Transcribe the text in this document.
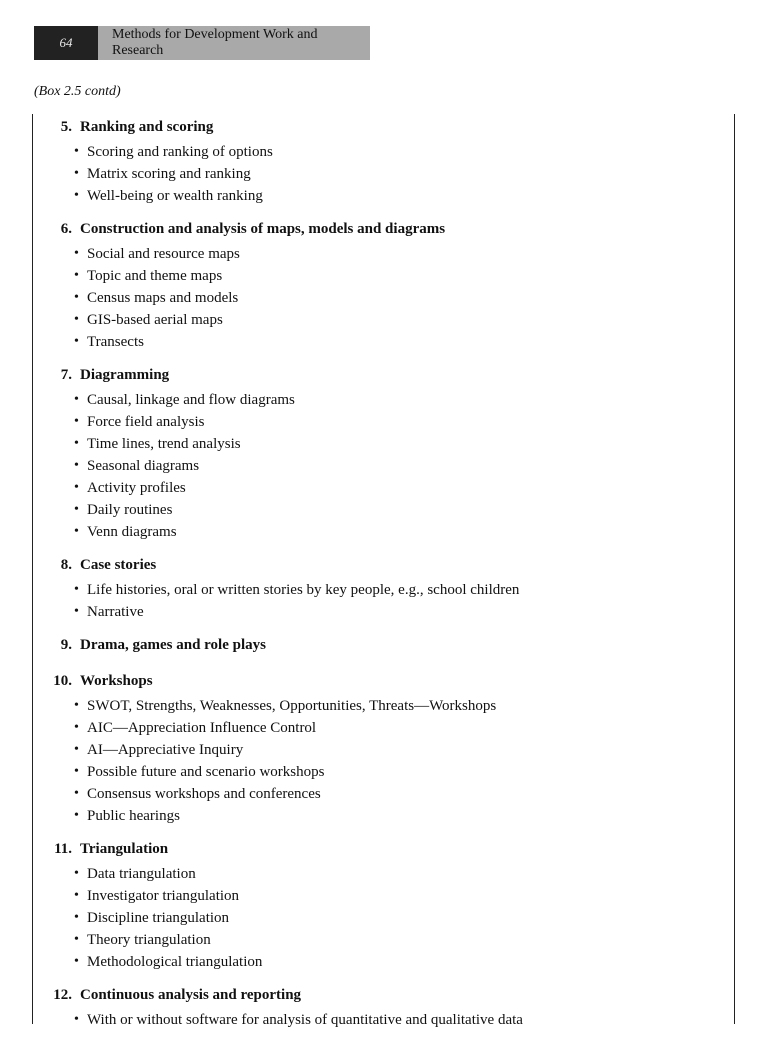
64
Methods for Development Work and Research
(Box 2.5 contd)
5. Ranking and scoring
• Scoring and ranking of options
• Matrix scoring and ranking
• Well-being or wealth ranking
6. Construction and analysis of maps, models and diagrams
• Social and resource maps
• Topic and theme maps
• Census maps and models
• GIS-based aerial maps
• Transects
7. Diagramming
• Causal, linkage and flow diagrams
• Force field analysis
• Time lines, trend analysis
• Seasonal diagrams
• Activity profiles
• Daily routines
• Venn diagrams
8. Case stories
• Life histories, oral or written stories by key people, e.g., school children
• Narrative
9. Drama, games and role plays
10. Workshops
• SWOT, Strengths, Weaknesses, Opportunities, Threats—Workshops
• AIC—Appreciation Influence Control
• AI—Appreciative Inquiry
• Possible future and scenario workshops
• Consensus workshops and conferences
• Public hearings
11. Triangulation
• Data triangulation
• Investigator triangulation
• Discipline triangulation
• Theory triangulation
• Methodological triangulation
12. Continuous analysis and reporting
• With or without software for analysis of quantitative and qualitative data
